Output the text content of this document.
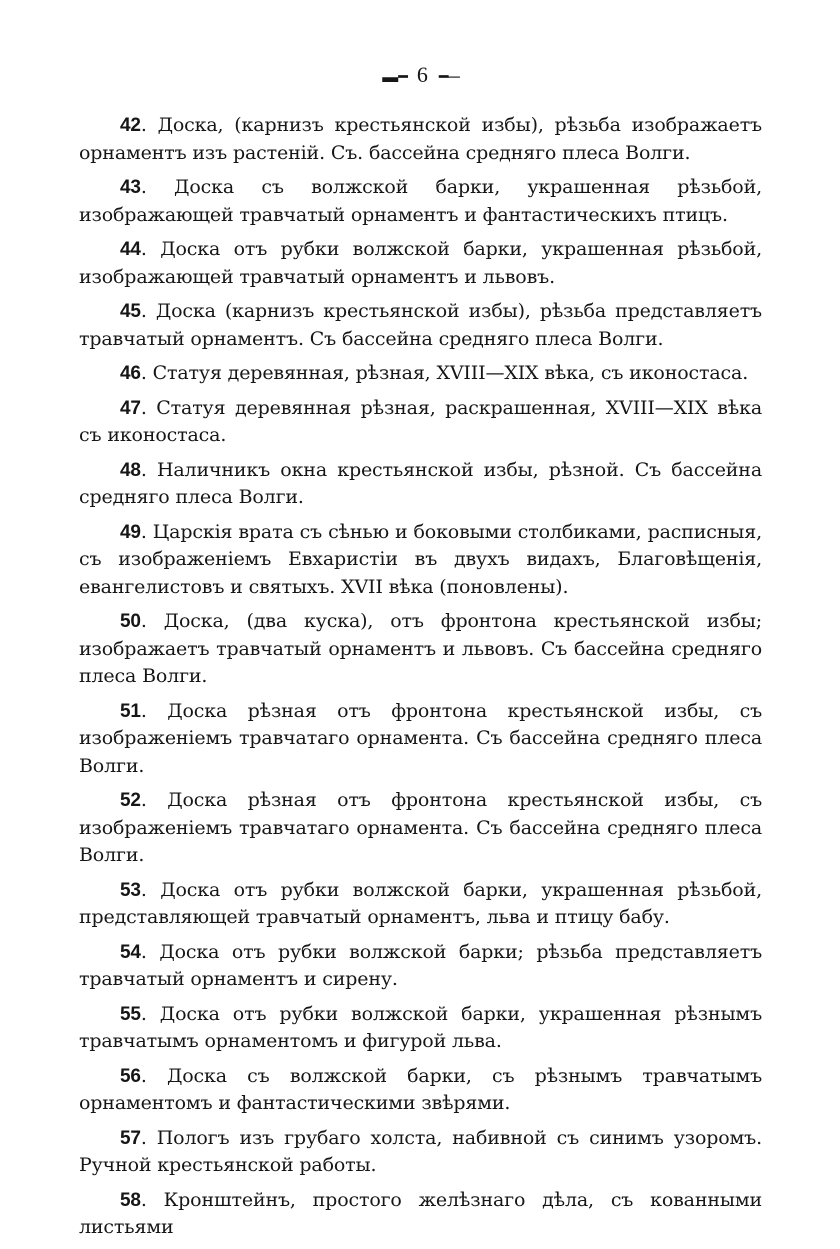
▬ ━ 6 ━ ─

42. Доска, (карнизъ крестьянской избы), рѣзьба изображаетъ орнаментъ изъ растенiй. Съ. бассейна средняго плеса Волги.

43. Доска съ волжской барки, украшенная рѣзьбой, изображающей травчатый орнаментъ и фантастическихъ птицъ.

44. Доска отъ рубки волжской барки, украшенная рѣзьбой, изображающей травчатый орнаментъ и львовъ.

45. Доска (карнизъ крестьянской избы), рѣзьба представляетъ травчатый орнаментъ. Съ бассейна средняго плеса Волги.

46. Статуя деревянная, рѣзная, XVIII—XIX вѣка, съ иконостаса.

47. Статуя деревянная рѣзная, раскрашенная, XVIII—XIX вѣка съ иконостаса.

48. Наличникъ окна крестьянской избы, рѣзной. Съ бассейна средняго плеса Волги.

49. Царскiя врата съ сѣнью и боковыми столбиками, расписныя, съ изображенiемъ Евхаристiи въ двухъ видахъ, Благовѣщенiя, евангелистовъ и святыхъ. XVII вѣка (поновлены).

50. Доска, (два куска), отъ фронтона крестьянской избы; изображаетъ травчатый орнаментъ и львовъ. Съ бассейна средняго плеса Волги.

51. Доска рѣзная отъ фронтона крестьянской избы, съ изображенiемъ травчатаго орнамента. Съ бассейна средняго плеса Волги.

52. Доска рѣзная отъ фронтона крестьянской избы, съ изображенiемъ травчатаго орнамента. Съ бассейна средняго плеса Волги.

53. Доска отъ рубки волжской барки, украшенная рѣзьбой, представляющей травчатый орнаментъ, льва и птицу бабу.

54. Доска отъ рубки волжской барки; рѣзьба представляетъ травчатый орнаментъ и сирену.

55. Доска отъ рубки волжской барки, украшенная рѣзнымъ травчатымъ орнаментомъ и фигурой льва.

56. Доска съ волжской барки, съ рѣзнымъ травчатымъ орнаментомъ и фантастическими звѣрями.

57. Пологъ изъ грубаго холста, набивной съ синимъ узоромъ. Ручной крестьянской работы.

58. Кронштейнъ, простого желѣзнаго дѣла, съ кованными листьями
